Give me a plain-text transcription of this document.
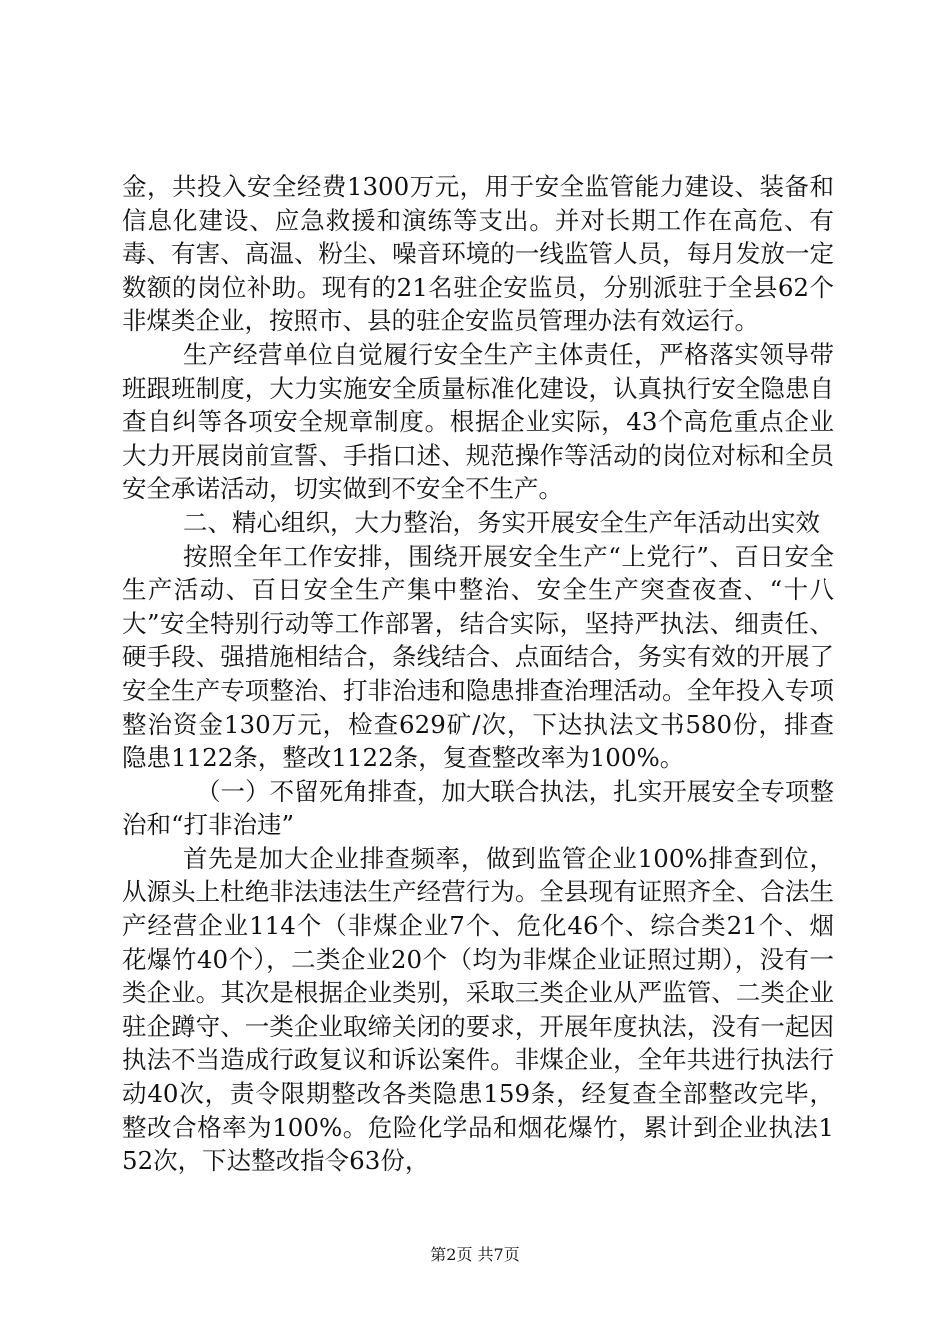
金，共投入安全经费1300万元，用于安全监管能力建设、装备和信息化建设、应急救援和演练等支出。并对长期工作在高危、有毒、有害、高温、粉尘、噪音环境的一线监管人员，每月发放一定数额的岗位补助。现有的21名驻企安监员，分别派驻于全县62个非煤类企业，按照市、县的驻企安监员管理办法有效运行。

生产经营单位自觉履行安全生产主体责任，严格落实领导带班跟班制度，大力实施安全质量标准化建设，认真执行安全隐患自查自纠等各项安全规章制度。根据企业实际，43个高危重点企业大力开展岗前宣誓、手指口述、规范操作等活动的岗位对标和全员安全承诺活动，切实做到不安全不生产。

二、精心组织，大力整治，务实开展安全生产年活动出实效

按照全年工作安排，围绕开展安全生产“上党行”、百日安全生产活动、百日安全生产集中整治、安全生产突查夜查、“十八大”安全特别行动等工作部署，结合实际，坚持严执法、细责任、硬手段、强措施相结合，条线结合、点面结合，务实有效的开展了安全生产专项整治、打非治违和隐患排查治理活动。全年投入专项整治资金130万元，检查629矿/次，下达执法文书580份，排查隐患1122条，整改1122条，复查整改率为100%。

（一）不留死角排查，加大联合执法，扎实开展安全专项整治和“打非治违”

首先是加大企业排查频率，做到监管企业100%排查到位，从源头上杜绝非法违法生产经营行为。全县现有证照齐全、合法生产经营企业114个（非煤企业7个、危化46个、综合类21个、烟花爆竹40个），二类企业20个（均为非煤企业证照过期），没有一类企业。其次是根据企业类别，采取三类企业从严监管、二类企业驻企蹲守、一类企业取缔关闭的要求，开展年度执法，没有一起因执法不当造成行政复议和诉讼案件。非煤企业，全年共进行执法行动40次，责令限期整改各类隐患159条，经复查全部整改完毕，整改合格率为100%。危险化学品和烟花爆竹，累计到企业执法152次，下达整改指令63份，

第2页 共7页
